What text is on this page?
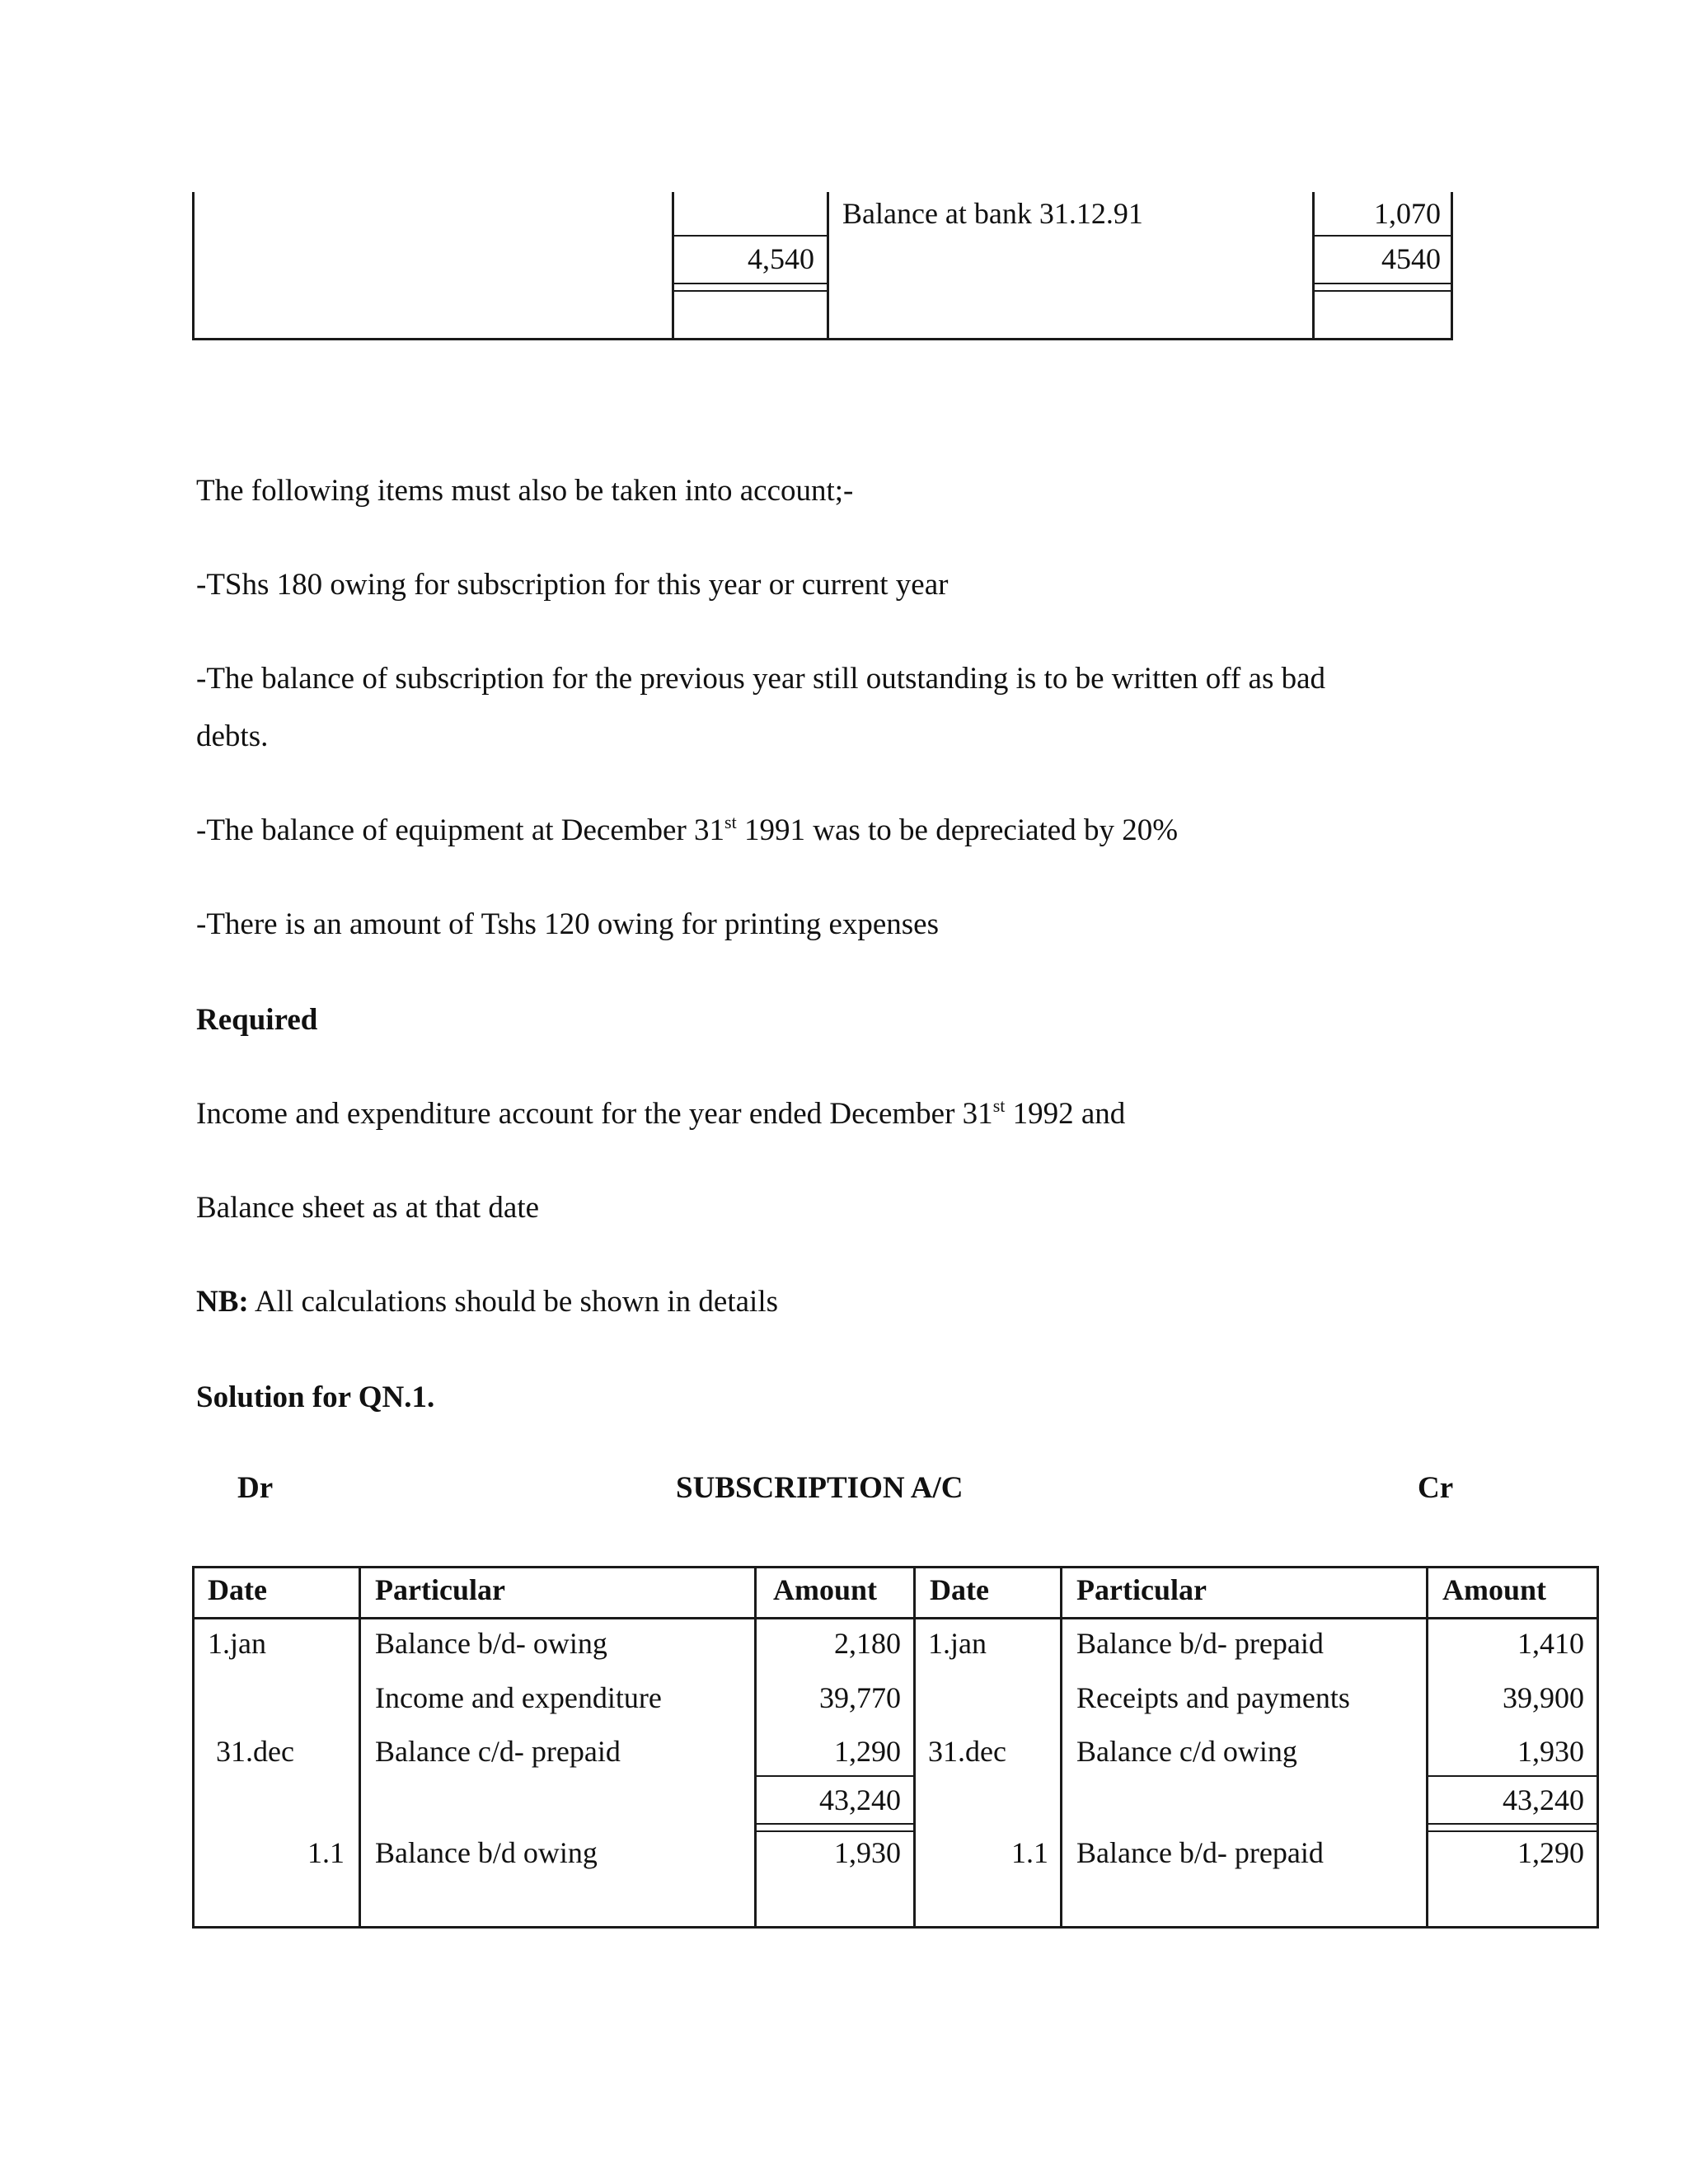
Balance at bank 31.12.91	1,070
4,540	4540
The following items must also be taken into account;-
-TShs 180 owing for subscription for this year or current year
-The balance of subscription for the previous year still outstanding is to be written off as bad
debts.
-The balance of equipment at December 31st 1991 was to be depreciated by 20%
-There is an amount of Tshs 120 owing for printing expenses
Required
Income and expenditure account for the year ended December 31st 1992 and
Balance sheet as at that date
NB: All calculations should be shown in details
Solution for QN.1.
Dr	SUBSCRIPTION A/C	Cr
Date	Particular	Amount Date	Particular	Amount
1.jan	Balance b/d- owing	2,180 1.jan	Balance b/d- prepaid	1,410
Income and expenditure	39,770	Receipts and payments	39,900
31.dec	Balance c/d- prepaid	1,290 31.dec Balance c/d owing	1,930
43,240	43,240
1.1 Balance b/d owing	1,930	1.1 Balance b/d- prepaid	1,290
